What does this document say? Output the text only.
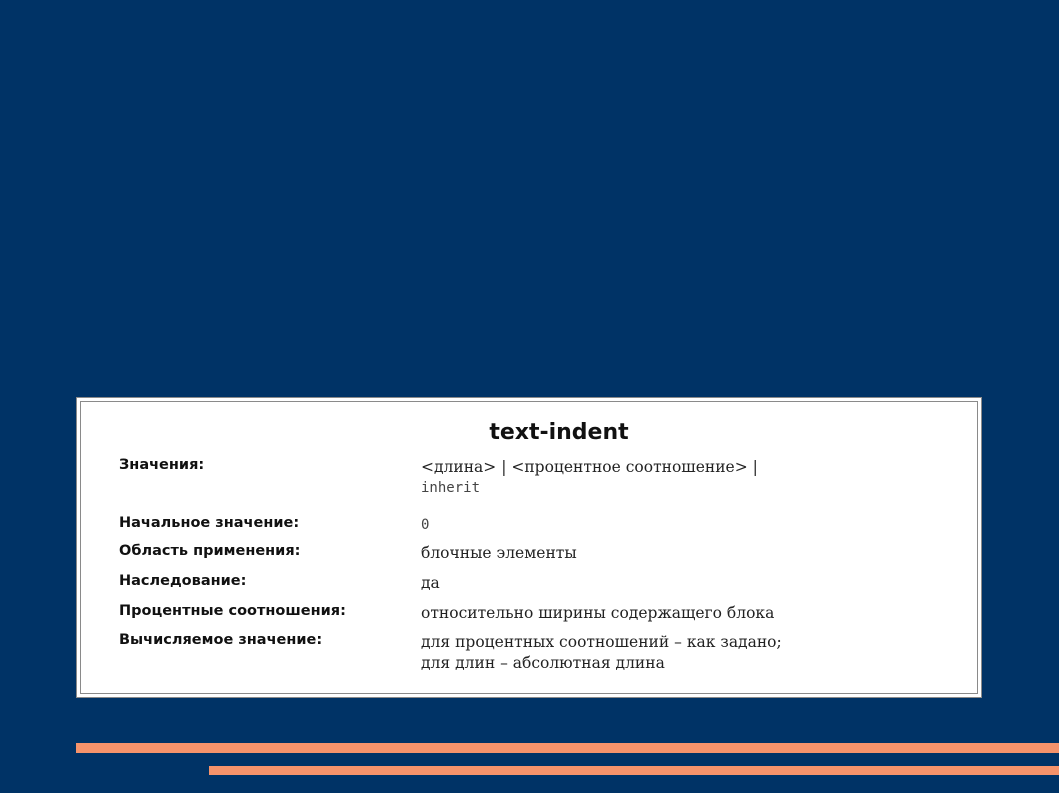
text-indent
Значения:	<длина> | <процентное соотношение> |
inherit
Начальное значение:	0
Область применения:	блочные элементы
Наследование:	да
Процентные соотношения:	относительно ширины содержащего блока
Вычисляемое значение:	для процентных соотношений – как задано;
для длин – абсолютная длина
